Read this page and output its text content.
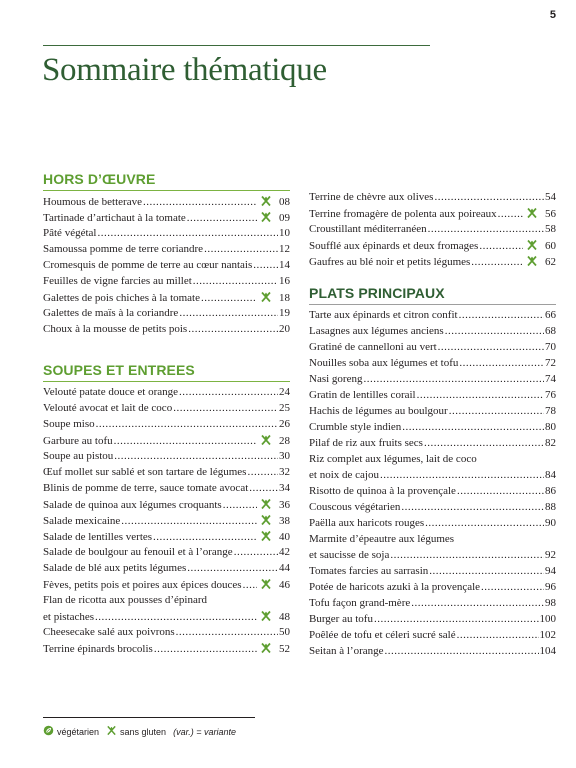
5
Sommaire thématique
HORS D’ŒUVRE
Houmous de betterave .....	08
Tartinade d’artichaut à la tomate .....	09
Pâté végétal .....	10
Samoussa pomme de terre coriandre .....	12
Cromesquis de pomme de terre au cœur nantais ..... 14
Feuilles de vigne farcies au millet .....	16
Galettes de pois chiches à la tomate .....	18
Galettes de maïs à la coriandre .....	19
Choux à la mousse de petits pois .....	20
SOUPES ET ENTREES
Velouté patate douce et orange .....	24
Velouté avocat et lait de coco .....	25
Soupe miso .....	26
Garbure au tofu .....	28
Soupe au pistou .....	30
Œuf mollet sur sablé et son tartare de légumes .....	32
Blinis de pomme de terre, sauce tomate avocat .....	34
Salade de quinoa aux légumes croquants .....	36
Salade mexicaine .....	38
Salade de lentilles vertes .....	40
Salade de boulgour au fenouil et à l’orange .....	42
Salade de blé aux petits légumes .....	44
Fèves, petits pois et poires aux épices douces .....	46
Flan de ricotta aux pousses d’épinard
et pistaches .....	48
Cheesecake salé aux poivrons .....	50
Terrine épinards brocolis .....	52
Terrine de chèvre aux olives .....	54
Terrine fromagère de polenta aux poireaux .....	56
Croustillant méditerranéen .....	58
Soufflé aux épinards et deux fromages .....	60
Gaufres au blé noir et petits légumes .....	62
PLATS PRINCIPAUX
Tarte aux épinards et citron confit .....	66
Lasagnes aux légumes anciens .....	68
Gratiné de cannelloni au vert .....	70
Nouilles soba aux légumes et tofu .....	72
Nasi goreng .....	74
Gratin de lentilles corail .....	76
Hachis de légumes au boulgour .....	78
Crumble style indien .....	80
Pilaf de riz aux fruits secs .....	82
Riz complet aux légumes, lait de coco
et noix de cajou .....	84
Risotto de quinoa à la provençale .....	86
Couscous végétarien .....	88
Paëlla aux haricots rouges .....	90
Marmite d’épeautre aux légumes
et saucisse de soja .....	92
Tomates farcies au sarrasin .....	94
Potée de haricots azuki à la provençale .....	96
Tofu façon grand-mère .....	98
Burger au tofu .....	100
Poêlée de tofu et céleri sucré salé .....	102
Seitan à l’orange .....	104
végétarien sans gluten (var.) = variante
